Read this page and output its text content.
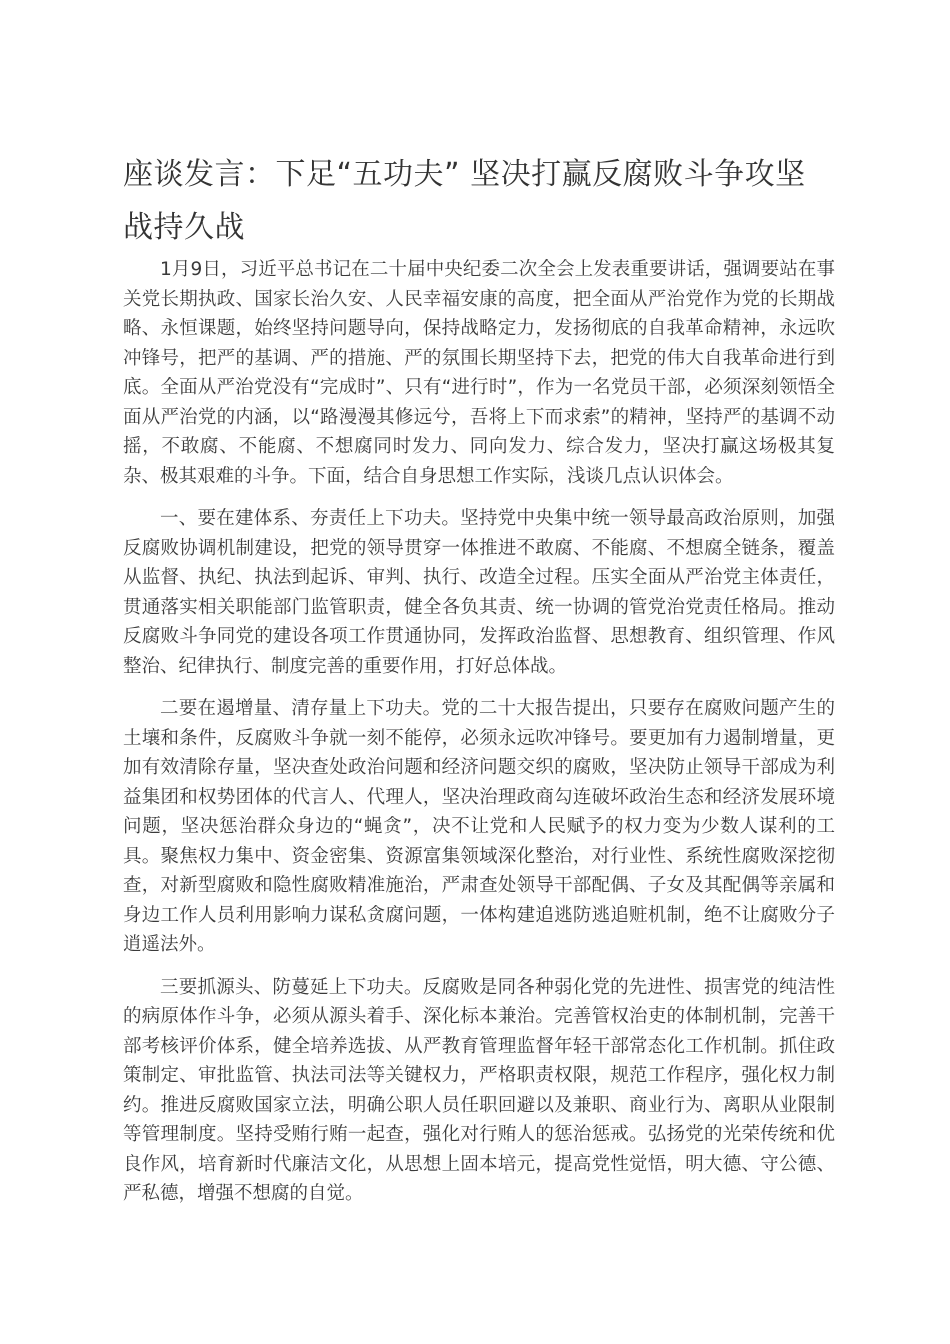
座谈发言：下足“五功夫” 坚决打赢反腐败斗争攻坚战持久战

1月9日，习近平总书记在二十届中央纪委二次全会上发表重要讲话，强调要站在事关党长期执政、国家长治久安、人民幸福安康的高度，把全面从严治党作为党的长期战略、永恒课题，始终坚持问题导向，保持战略定力，发扬彻底的自我革命精神，永远吹冲锋号，把严的基调、严的措施、严的氛围长期坚持下去，把党的伟大自我革命进行到底。全面从严治党没有“完成时”、只有“进行时”，作为一名党员干部，必须深刻领悟全面从严治党的内涵，以“路漫漫其修远兮，吾将上下而求索”的精神，坚持严的基调不动摇，不敢腐、不能腐、不想腐同时发力、同向发力、综合发力，坚决打赢这场极其复杂、极其艰难的斗争。下面，结合自身思想工作实际，浅谈几点认识体会。

一、要在建体系、夯责任上下功夫。坚持党中央集中统一领导最高政治原则，加强反腐败协调机制建设，把党的领导贯穿一体推进不敢腐、不能腐、不想腐全链条，覆盖从监督、执纪、执法到起诉、审判、执行、改造全过程。压实全面从严治党主体责任，贯通落实相关职能部门监管职责，健全各负其责、统一协调的管党治党责任格局。推动反腐败斗争同党的建设各项工作贯通协同，发挥政治监督、思想教育、组织管理、作风整治、纪律执行、制度完善的重要作用，打好总体战。

二要在遏增量、清存量上下功夫。党的二十大报告提出，只要存在腐败问题产生的土壤和条件，反腐败斗争就一刻不能停，必须永远吹冲锋号。要更加有力遏制增量，更加有效清除存量，坚决查处政治问题和经济问题交织的腐败，坚决防止领导干部成为利益集团和权势团体的代言人、代理人，坚决治理政商勾连破坏政治生态和经济发展环境问题，坚决惩治群众身边的“蝇贪”，决不让党和人民赋予的权力变为少数人谋利的工具。聚焦权力集中、资金密集、资源富集领域深化整治，对行业性、系统性腐败深挖彻查，对新型腐败和隐性腐败精准施治，严肃查处领导干部配偶、子女及其配偶等亲属和身边工作人员利用影响力谋私贪腐问题，一体构建追逃防逃追赃机制，绝不让腐败分子逍遥法外。

三要抓源头、防蔓延上下功夫。反腐败是同各种弱化党的先进性、损害党的纯洁性的病原体作斗争，必须从源头着手、深化标本兼治。完善管权治吏的体制机制，完善干部考核评价体系，健全培养选拔、从严教育管理监督年轻干部常态化工作机制。抓住政策制定、审批监管、执法司法等关键权力，严格职责权限，规范工作程序，强化权力制约。推进反腐败国家立法，明确公职人员任职回避以及兼职、商业行为、离职从业限制等管理制度。坚持受贿行贿一起查，强化对行贿人的惩治惩戒。弘扬党的光荣传统和优良作风，培育新时代廉洁文化，从思想上固本培元，提高党性觉悟，明大德、守公德、严私德，增强不想腐的自觉。
